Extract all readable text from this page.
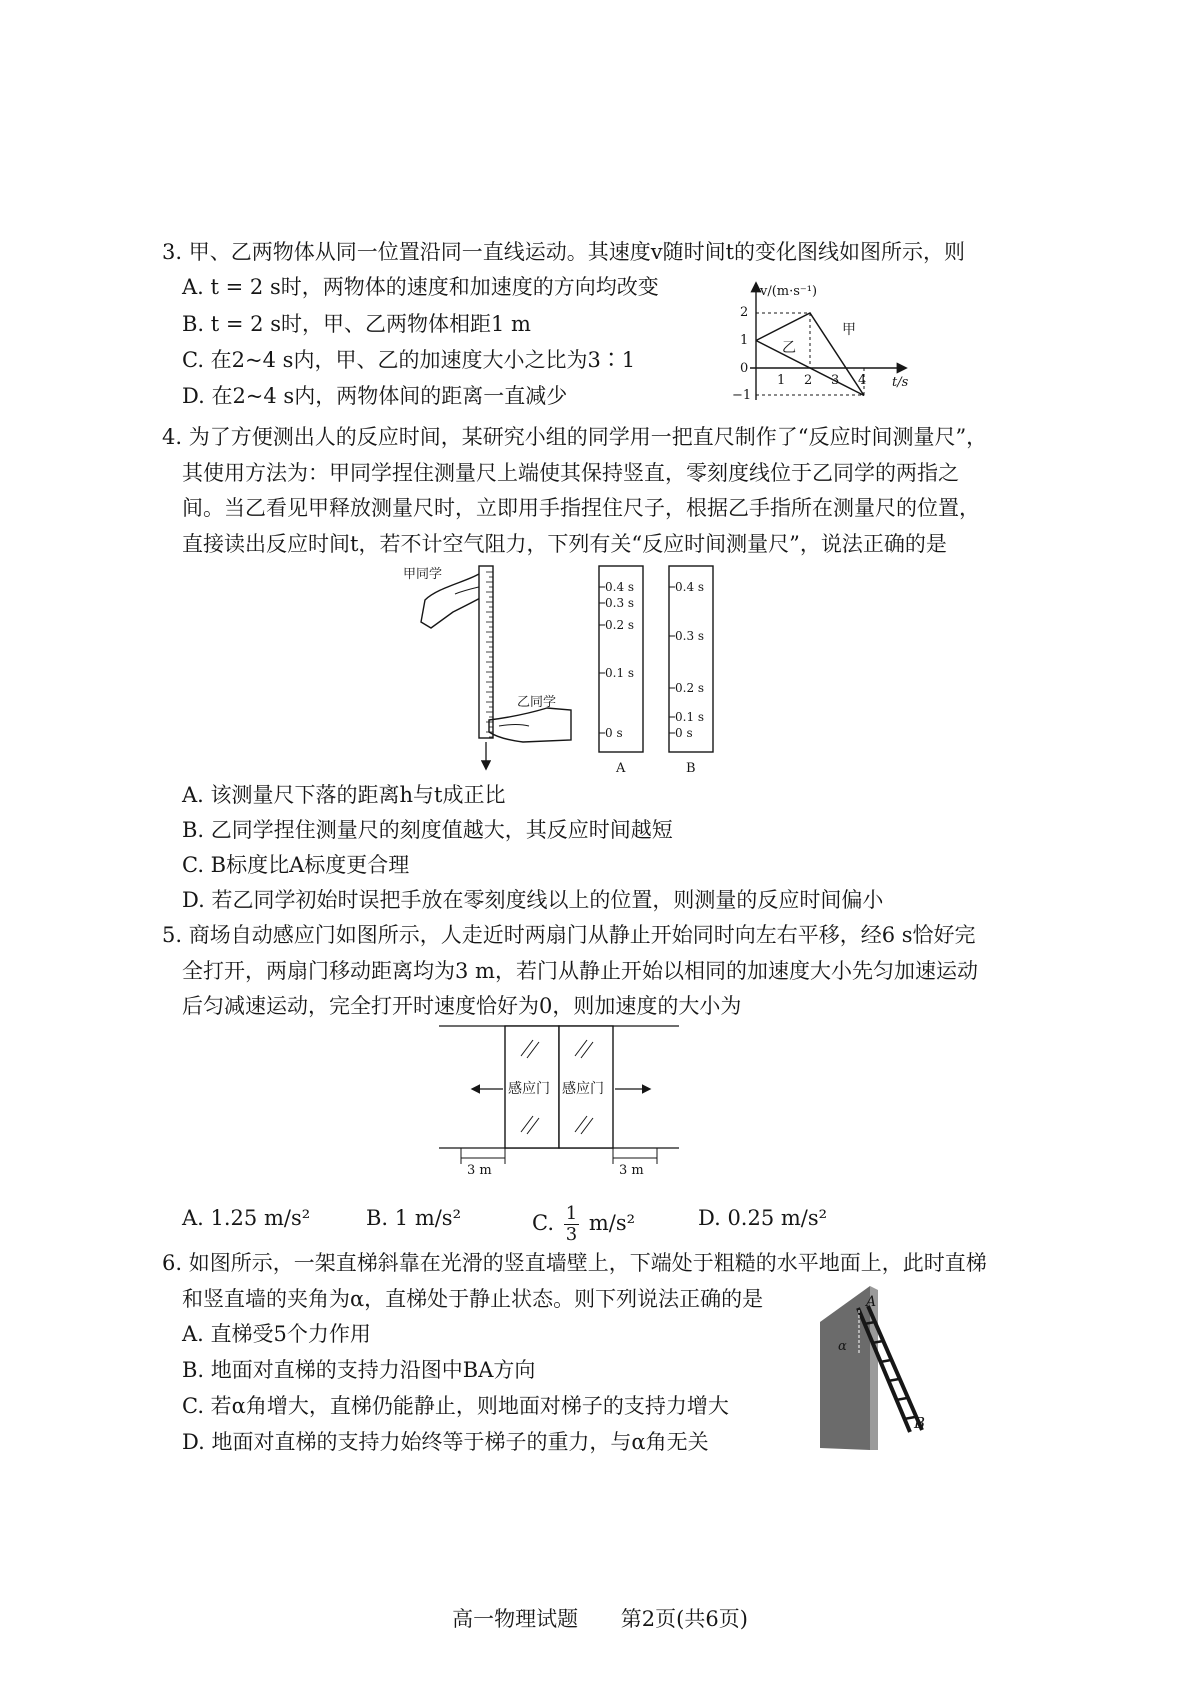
3. 甲、乙两物体从同一位置沿同一直线运动。其速度v随时间t的变化图线如图所示，则
A. t = 2 s时，两物体的速度和加速度的方向均改变
B. t = 2 s时，甲、乙两物体相距1 m
C. 在2~4 s内，甲、乙的加速度大小之比为3∶1
D. 在2~4 s内，两物体间的距离一直减少
v/(m·s⁻¹)
t/s
2
1
0
−1
1 2 3 4
甲
乙
4. 为了方便测出人的反应时间，某研究小组的同学用一把直尺制作了“反应时间测量尺”，
其使用方法为：甲同学捏住测量尺上端使其保持竖直，零刻度线位于乙同学的两指之
间。当乙看见甲释放测量尺时，立即用手指捏住尺子，根据乙手指所在测量尺的位置，
直接读出反应时间t，若不计空气阻力，下列有关“反应时间测量尺”，说法正确的是
甲同学
乙同学
0.4 s
0.3 s
0.2 s
0.1 s
0 s
A
0.4 s
0.3 s
0.2 s
0.1 s
0 s
B
A. 该测量尺下落的距离h与t成正比
B. 乙同学捏住测量尺的刻度值越大，其反应时间越短
C. B标度比A标度更合理
D. 若乙同学初始时误把手放在零刻度线以上的位置，则测量的反应时间偏小
5. 商场自动感应门如图所示，人走近时两扇门从静止开始同时向左右平移，经6 s恰好完
全打开，两扇门移动距离均为3 m，若门从静止开始以相同的加速度大小先匀加速运动
后匀减速运动，完全打开时速度恰好为0，则加速度的大小为
感应门 感应门
3 m	3 m
A. 1.25 m/s²	B. 1 m/s²	C. $\frac{1}{3} m/s^2$	D. 0.25 m/s²
6. 如图所示，一架直梯斜靠在光滑的竖直墙壁上，下端处于粗糙的水平地面上，此时直梯
和竖直墙的夹角为α，直梯处于静止状态。则下列说法正确的是
A. 直梯受5个力作用
B. 地面对直梯的支持力沿图中BA方向
C. 若α角增大，直梯仍能静止，则地面对梯子的支持力增大
D. 地面对直梯的支持力始终等于梯子的重力，与α角无关
α
A
B
高一物理试题 第2页(共6页)
